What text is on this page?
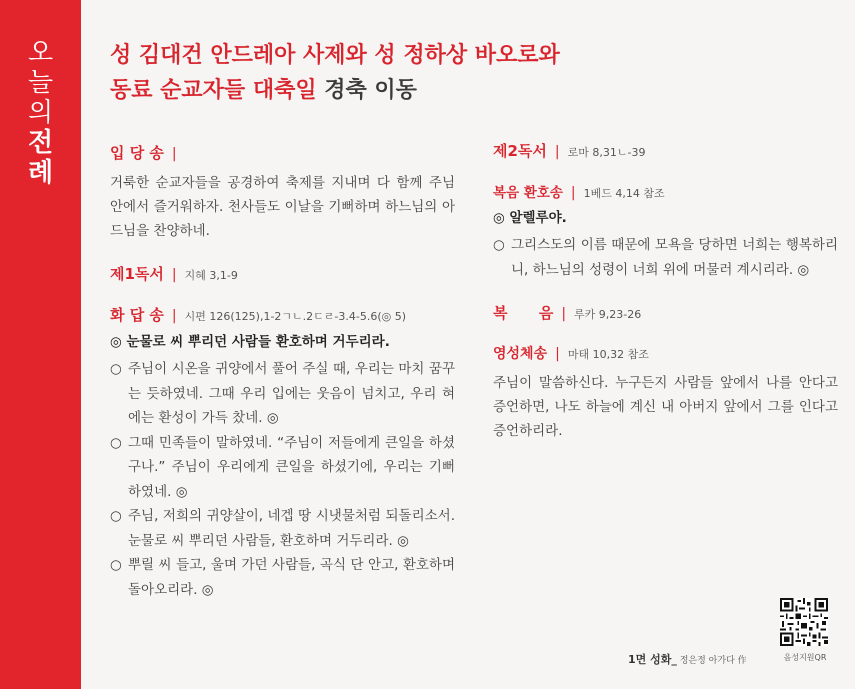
오
늘
의
전
례
성 김대건 안드레아 사제와 성 정하상 바오로와
동료 순교자들 대축일 경축 이동
입 당 송 |
거룩한 순교자들을 공경하여 축제를 지내며 다 함께 주님 안에서 즐거워하자. 천사들도 이날을 기뻐하며 하느님의 아드님을 찬양하네.
제1독서 | 지혜 3,1-9
화 답 송 | 시편 126(125),1-2ㄱㄴ.2ㄷㄹ-3.4-5.6(◎ 5)
◎ 눈물로 씨 뿌리던 사람들 환호하며 거두리라.
○ 주님이 시온을 귀양에서 풀어 주실 때, 우리는 마치 꿈꾸는 듯하였네. 그때 우리 입에는 웃음이 넘치고, 우리 혀에는 환성이 가득 찼네. ◎
○ 그때 민족들이 말하였네. “주님이 저들에게 큰일을 하셨구나.” 주님이 우리에게 큰일을 하셨기에, 우리는 기뻐하였네. ◎
○ 주님, 저희의 귀양살이, 네겝 땅 시냇물처럼 되돌리소서. 눈물로 씨 뿌리던 사람들, 환호하며 거두리라. ◎
○ 뿌릴 씨 들고, 울며 가던 사람들, 곡식 단 안고, 환호하며 돌아오리라. ◎
제2독서 | 로마 8,31ㄴ-39
복음 환호송 | 1베드 4,14 참조
◎ 알렐루야.
○ 그리스도의 이름 때문에 모욕을 당하면 너희는 행복하리니, 하느님의 성령이 너희 위에 머물러 계시리라. ◎
복      음 | 루카 9,23-26
영성체송 | 마태 10,32 참조
주님이 말씀하신다. 누구든지 사람들 앞에서 나를 안다고 증언하면, 나도 하늘에 계신 내 아버지 앞에서 그를 인다고 증언하리라.
음성지원QR
1면 성화_ 정은정 아가다 作
